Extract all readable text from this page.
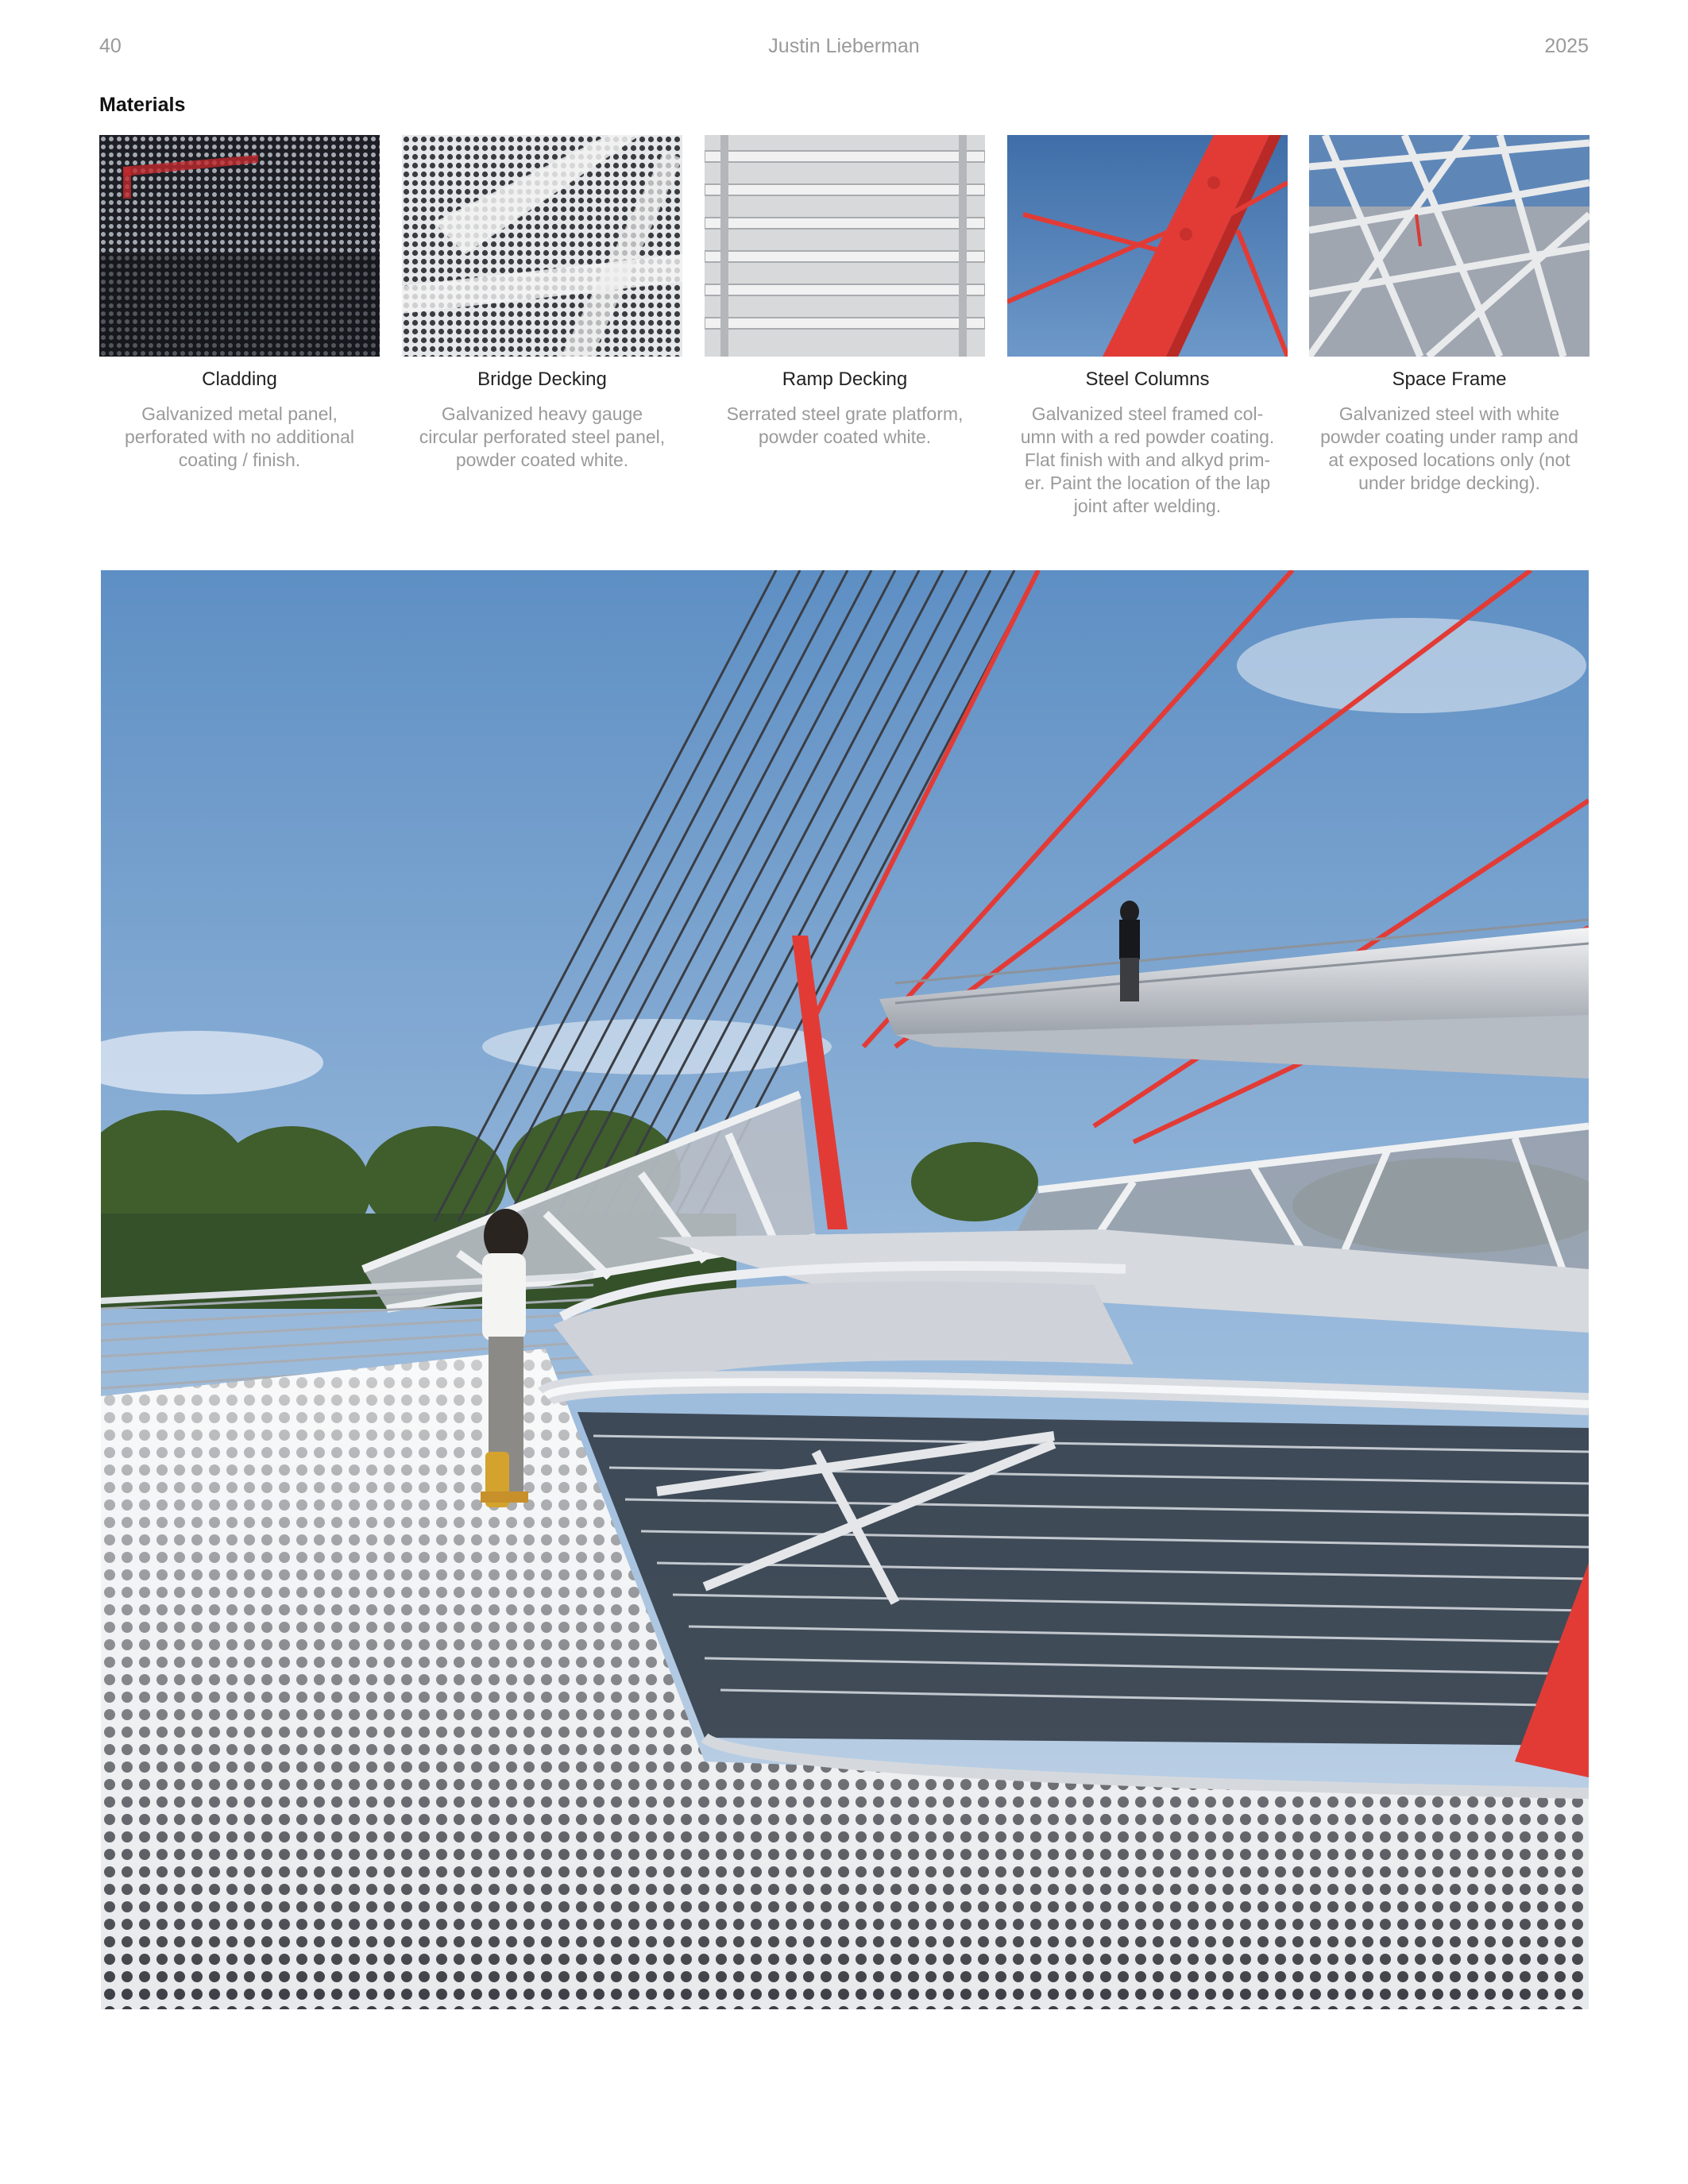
40	Justin Lieberman	2025
Materials
Cladding
Galvanized metal panel, perforated with no additional coating / finish.
Bridge Decking
Galvanized heavy gauge circular perforated steel panel, powder coated white.
Ramp Decking
Serrated steel grate platform, powder coated white.
Steel Columns
Galvanized steel framed col-umn with a red powder coating. Flat finish with and alkyd prim-er. Paint the location of the lap joint after welding.
Space Frame
Galvanized steel with white powder coating under ramp and at exposed locations only (not under bridge decking).
